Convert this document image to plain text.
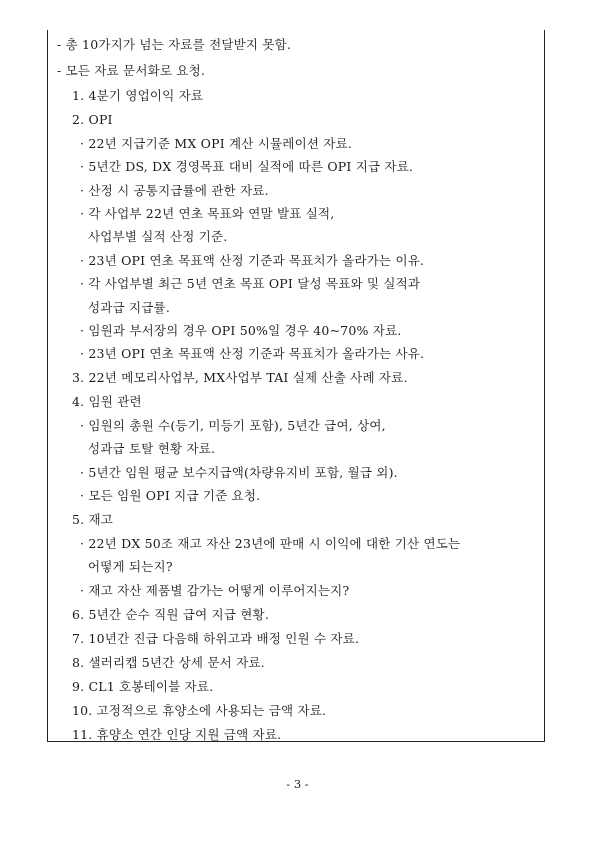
- 총 10가지가 넘는 자료를 전달받지 못함.
- 모든 자료 문서화로 요청.
1. 4분기 영업이익 자료
2. OPI
· 22년 지급기준 MX OPI 계산 시뮬레이션 자료.
· 5년간 DS, DX 경영목표 대비 실적에 따른 OPI 지급 자료.
· 산정 시 공통지급률에 관한 자료.
· 각 사업부 22년 연초 목표와 연말 발표 실적,
사업부별 실적 산정 기준.
· 23년 OPI 연초 목표액 산정 기준과 목표치가 올라가는 이유.
· 각 사업부별 최근 5년 연초 목표 OPI 달성 목표와 및 실적과
성과급 지급률.
· 임원과 부서장의 경우 OPI 50%일 경우 40~70% 자료.
· 23년 OPI 연초 목표액 산정 기준과 목표치가 올라가는 사유.
3. 22년 메모리사업부, MX사업부 TAI 실제 산출 사례 자료.
4. 임원 관련
· 임원의 총원 수(등기, 미등기 포함), 5년간 급여, 상여,
성과급 토탈 현황 자료.
· 5년간 임원 평균 보수지급액(차량유지비 포함, 월급 외).
· 모든 임원 OPI 지급 기준 요청.
5. 재고
· 22년 DX 50조 재고 자산 23년에 판매 시 이익에 대한 기산 연도는
어떻게 되는지?
· 재고 자산 제품별 감가는 어떻게 이루어지는지?
6. 5년간 순수 직원 급여 지급 현황.
7. 10년간 진급 다음해 하위고과 배정 인원 수 자료.
8. 샐러리캡 5년간 상세 문서 자료.
9. CL1 호봉테이블 자료.
10. 고정적으로 휴양소에 사용되는 금액 자료.
11. 휴양소 연간 인당 지원 금액 자료.
- 3 -
